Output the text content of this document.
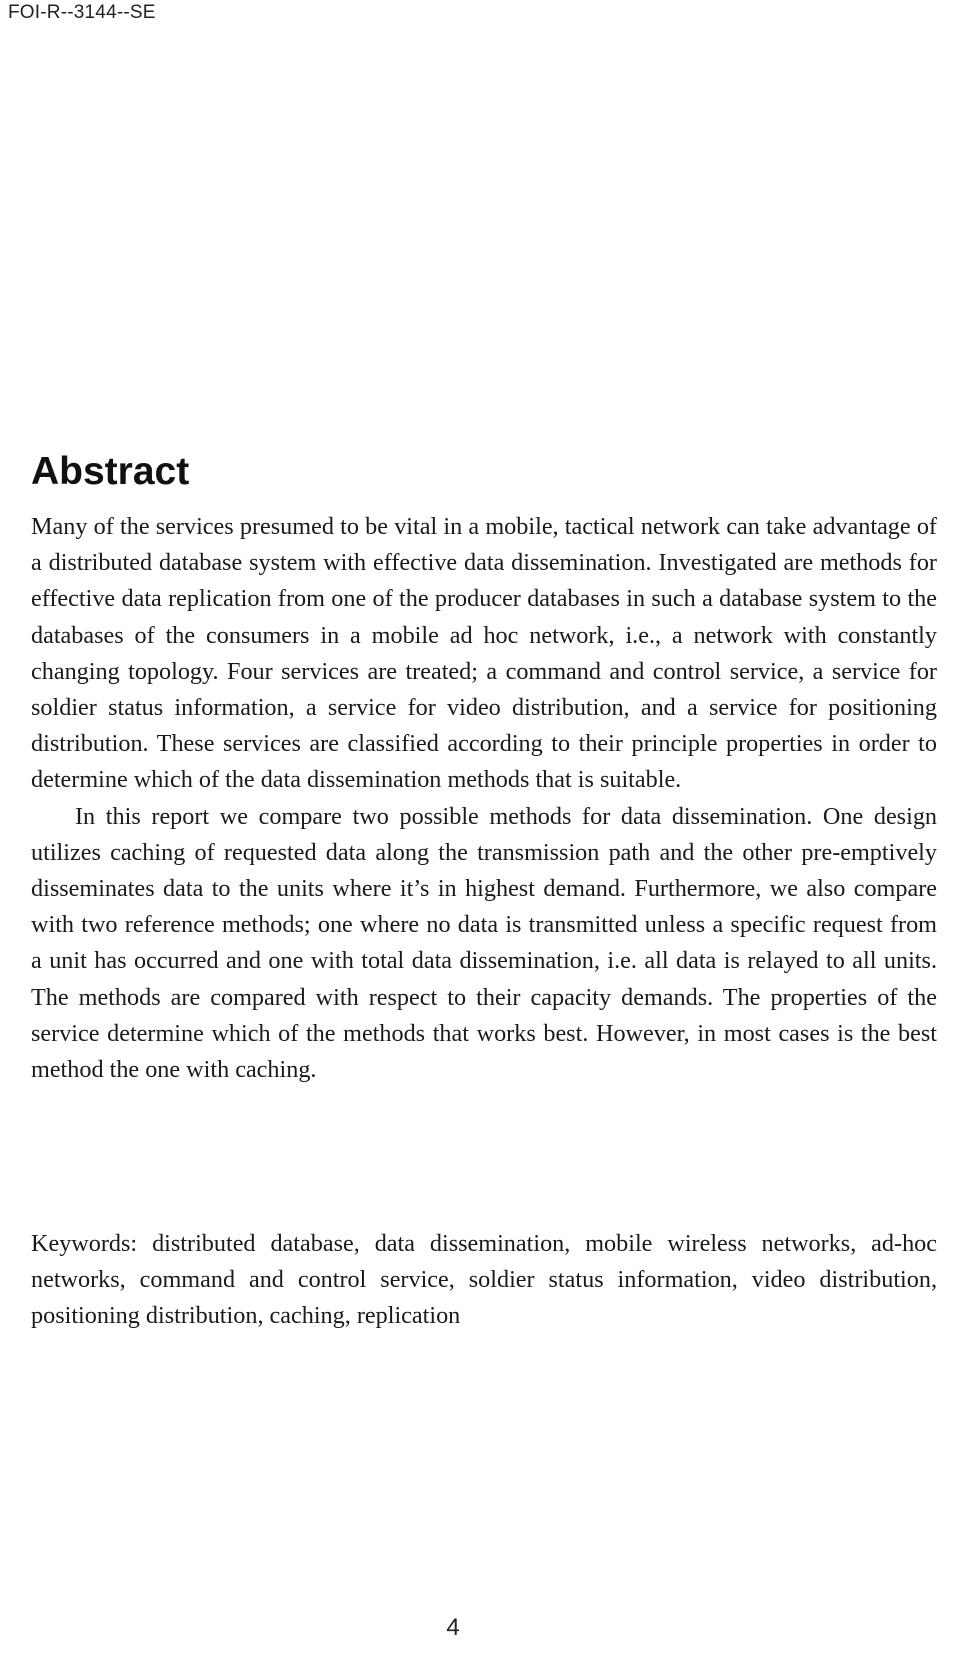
FOI-R--3144--SE
Abstract

Many of the services presumed to be vital in a mobile, tactical network can take advantage of a distributed database system with effective data dissemination. Investigated are methods for effective data replication from one of the producer databases in such a database system to the databases of the consumers in a mobile ad hoc network, i.e., a network with constantly changing topology. Four services are treated; a command and control service, a service for soldier status information, a service for video distribution, and a service for positioning distribution. These services are classified according to their principle properties in order to determine which of the data dissemination methods that is suitable.

In this report we compare two possible methods for data dissemination. One design utilizes caching of requested data along the transmission path and the other pre-emptively disseminates data to the units where it’s in highest demand. Furthermore, we also compare with two reference methods; one where no data is transmitted unless a specific request from a unit has occurred and one with total data dissemination, i.e. all data is relayed to all units. The methods are compared with respect to their capacity demands. The properties of the service determine which of the methods that works best. However, in most cases is the best method the one with caching.

Keywords: distributed database, data dissemination, mobile wireless networks, ad-hoc networks, command and control service, soldier status information, video distribution, positioning distribution, caching, replication

4
